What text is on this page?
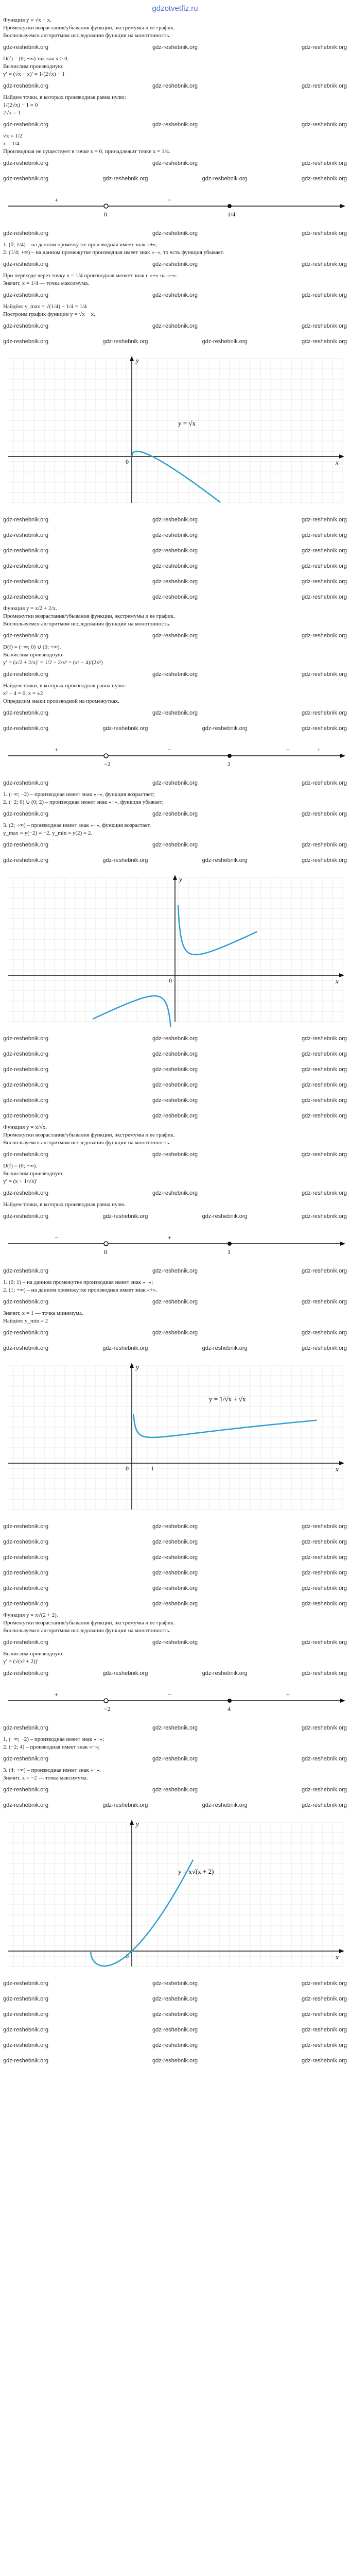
gdzotvetfiz.ru
Функция y = √x − x.
Промежутки возрастания/убывания функции, экстремумы и ее график.
Воспользуемся алгоритмом исследования функции на монотонность.
gdz-reshebnik.org	gdz-reshebnik.org	gdz-reshebnik.org
D(f) = [0; +∞) так как x ≥ 0.
Вычислим производную:
y′ = (√x − x)′ = 1/(2√x) − 1
gdz-reshebnik.org	gdz-reshebnik.org	gdz-reshebnik.org
Найдем точки, в которых производная равна нулю:
1/(2√x) − 1 = 0
2√x = 1
gdz-reshebnik.org	gdz-reshebnik.org	gdz-reshebnik.org
√x = 1/2
x = 1/4
Производная не существует в точке x = 0, принадлежит точке x = 1/4.
gdz-reshebnik.org	gdz-reshebnik.org	gdz-reshebnik.org
gdz-reshebnik.org	gdz-reshebnik.org	gdz-reshebnik.org	gdz-reshebnik.org
0	1/4
+	−
gdz-reshebnik.org	gdz-reshebnik.org	gdz-reshebnik.org
1. (0; 1/4) – на данном промежутке производная имеет знак «+»;
2. (1/4; +∞) – на данном промежутке производная имеет знак «−», то есть функция убывает.
gdz-reshebnik.org	gdz-reshebnik.org	gdz-reshebnik.org
При переходе через точку x = 1/4 производная меняет знак с «+» на «−».
Значит, x = 1/4 — точка максимума.
gdz-reshebnik.org	gdz-reshebnik.org	gdz-reshebnik.org
Найдём: y_max = √(1/4) − 1/4 = 1/4
Построим график функции y = √x − x.
gdz-reshebnik.org	gdz-reshebnik.org	gdz-reshebnik.org
gdz-reshebnik.org	gdz-reshebnik.org	gdz-reshebnik.org	gdz-reshebnik.org
x
y
0
y = √x
gdz-reshebnik.org	gdz-reshebnik.org	gdz-reshebnik.org
gdz-reshebnik.org	gdz-reshebnik.org	gdz-reshebnik.org
gdz-reshebnik.org	gdz-reshebnik.org	gdz-reshebnik.org
gdz-reshebnik.org	gdz-reshebnik.org	gdz-reshebnik.org
gdz-reshebnik.org	gdz-reshebnik.org	gdz-reshebnik.org
gdz-reshebnik.org	gdz-reshebnik.org	gdz-reshebnik.org
Функция y = x/2 + 2/x.
Промежутки возрастания/убывания функции, экстремумы и ее график.
Воспользуемся алгоритмом исследования функции на монотонность.
gdz-reshebnik.org	gdz-reshebnik.org	gdz-reshebnik.org
D(f) = (−∞; 0) ∪ (0; +∞).
Вычислим производную:
y′ = (x/2 + 2/x)′ = 1/2 − 2/x² = (x² − 4)/(2x²)
gdz-reshebnik.org	gdz-reshebnik.org	gdz-reshebnik.org
Найдем точки, в которых производная равна нулю:
x² − 4 = 0, x = ±2
Определим знаки производной на промежутках.
gdz-reshebnik.org	gdz-reshebnik.org	gdz-reshebnik.org
gdz-reshebnik.org	gdz-reshebnik.org	gdz-reshebnik.org	gdz-reshebnik.org
−2	2
+	−	−	+
gdz-reshebnik.org	gdz-reshebnik.org	gdz-reshebnik.org
1. (−∞; −2) – производная имеет знак «+», функция возрастает;
2. (−2; 0) ∪ (0; 2) – производная имеет знак «−», функция убывает;
gdz-reshebnik.org	gdz-reshebnik.org	gdz-reshebnik.org
3. (2; +∞) – производная имеет знак «+», функция возрастает.
y_max = y(−2) = −2, y_min = y(2) = 2.
gdz-reshebnik.org	gdz-reshebnik.org	gdz-reshebnik.org
gdz-reshebnik.org	gdz-reshebnik.org	gdz-reshebnik.org	gdz-reshebnik.org
x
y
0
gdz-reshebnik.org	gdz-reshebnik.org	gdz-reshebnik.org
gdz-reshebnik.org	gdz-reshebnik.org	gdz-reshebnik.org
gdz-reshebnik.org	gdz-reshebnik.org	gdz-reshebnik.org
gdz-reshebnik.org	gdz-reshebnik.org	gdz-reshebnik.org
gdz-reshebnik.org	gdz-reshebnik.org	gdz-reshebnik.org
gdz-reshebnik.org	gdz-reshebnik.org	gdz-reshebnik.org
Функция y = x/√x.
Промежутки возрастания/убывания функции, экстремумы и ее график.
Воспользуемся алгоритмом исследования функции на монотонность.
gdz-reshebnik.org	gdz-reshebnik.org	gdz-reshebnik.org
D(f) = (0; +∞).
Вычислим производную:
y′ = (x + 1/√x)′
gdz-reshebnik.org	gdz-reshebnik.org	gdz-reshebnik.org
Найдем точки, в которых производная равна нулю.
gdz-reshebnik.org	gdz-reshebnik.org	gdz-reshebnik.org	gdz-reshebnik.org
0	1
−	+
gdz-reshebnik.org	gdz-reshebnik.org	gdz-reshebnik.org
1. (0; 1) – на данном промежутке производная имеет знак «−»;
2. (1; +∞) – на данном промежутке производная имеет знак «+».
gdz-reshebnik.org	gdz-reshebnik.org	gdz-reshebnik.org
Значит, x = 1 — точка минимума.
Найдём: y_min = 2
gdz-reshebnik.org	gdz-reshebnik.org	gdz-reshebnik.org
gdz-reshebnik.org	gdz-reshebnik.org	gdz-reshebnik.org	gdz-reshebnik.org
x
y
0
y = 1/√x + √x
1
gdz-reshebnik.org	gdz-reshebnik.org	gdz-reshebnik.org
gdz-reshebnik.org	gdz-reshebnik.org	gdz-reshebnik.org
gdz-reshebnik.org	gdz-reshebnik.org	gdz-reshebnik.org
gdz-reshebnik.org	gdz-reshebnik.org	gdz-reshebnik.org
gdz-reshebnik.org	gdz-reshebnik.org	gdz-reshebnik.org
gdz-reshebnik.org	gdz-reshebnik.org	gdz-reshebnik.org
Функция y = x√(2 + 2).
Промежутки возрастания/убывания функции, экстремумы и ее график.
Воспользуемся алгоритмом исследования функции на монотонность.
gdz-reshebnik.org	gdz-reshebnik.org	gdz-reshebnik.org
Вычислим производную:
y′ = (√(x² + 2))′
gdz-reshebnik.org	gdz-reshebnik.org	gdz-reshebnik.org	gdz-reshebnik.org
−2	4
+	−	+
gdz-reshebnik.org	gdz-reshebnik.org	gdz-reshebnik.org
1. (−∞; −2) – производная имеет знак «+»;
2. (−2; 4) – производная имеет знак «−»;
gdz-reshebnik.org	gdz-reshebnik.org	gdz-reshebnik.org
3. (4; +∞) – производная имеет знак «+».
Значит, x = −2 — точка максимума.
gdz-reshebnik.org	gdz-reshebnik.org	gdz-reshebnik.org
gdz-reshebnik.org	gdz-reshebnik.org	gdz-reshebnik.org	gdz-reshebnik.org
x
y
0
y = x√(x + 2)
gdz-reshebnik.org	gdz-reshebnik.org	gdz-reshebnik.org
gdz-reshebnik.org	gdz-reshebnik.org	gdz-reshebnik.org
gdz-reshebnik.org	gdz-reshebnik.org	gdz-reshebnik.org
gdz-reshebnik.org	gdz-reshebnik.org	gdz-reshebnik.org
gdz-reshebnik.org	gdz-reshebnik.org	gdz-reshebnik.org
gdz-reshebnik.org	gdz-reshebnik.org	gdz-reshebnik.org
